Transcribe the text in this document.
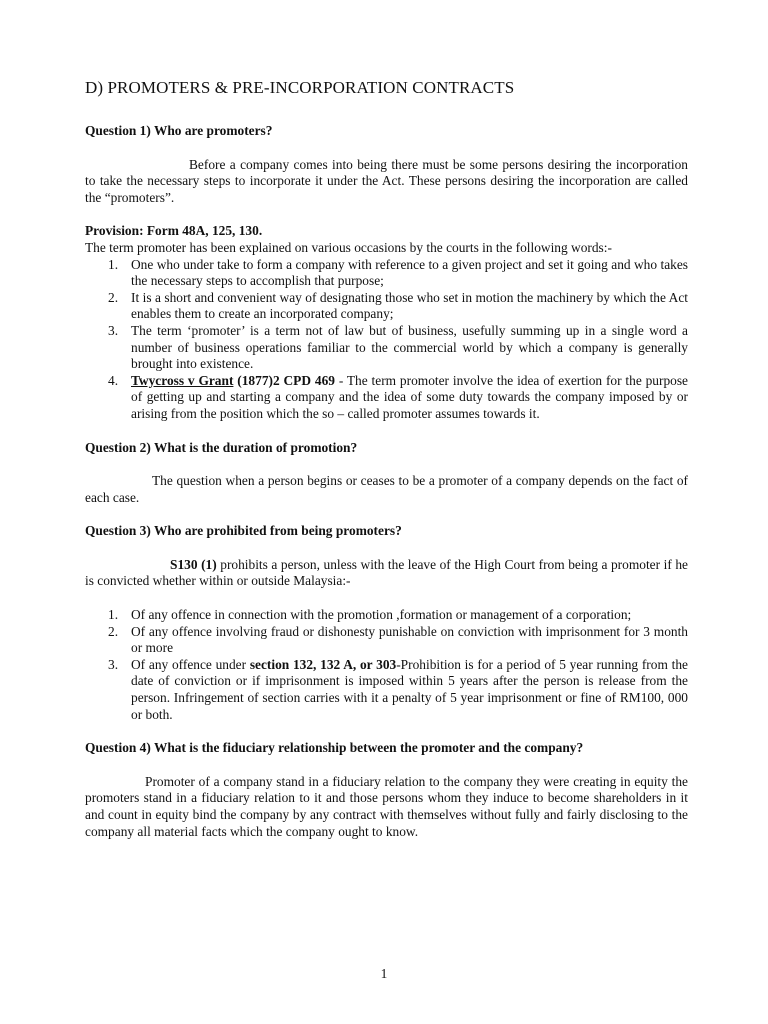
D) PROMOTERS & PRE-INCORPORATION CONTRACTS

Question 1) Who are promoters?

Before a company comes into being there must be some persons desiring the incorporation to take the necessary steps to incorporate it under the Act. These persons desiring the incorporation are called the “promoters”.

Provision: Form 48A, 125, 130.

The term promoter has been explained on various occasions by the courts in the following words:-

1. One who under take to form a company with reference to a given project and set it going and who takes the necessary steps to accomplish that purpose;
2. It is a short and convenient way of designating those who set in motion the machinery by which the Act enables them to create an incorporated company;
3. The term ‘promoter’ is a term not of law but of business, usefully summing up in a single word a number of business operations familiar to the commercial world by which a company is generally brought into existence.
4. Twycross v Grant (1877)2 CPD 469 - The term promoter involve the idea of exertion for the purpose of getting up and starting a company and the idea of some duty towards the company imposed by or arising from the position which the so – called promoter assumes towards it.

Question 2) What is the duration of promotion?

The question when a person begins or ceases to be a promoter of a company depends on the fact of each case.

Question 3) Who are prohibited from being promoters?

S130 (1) prohibits a person, unless with the leave of the High Court from being a promoter if he is convicted whether within or outside Malaysia:-

1. Of any offence in connection with the promotion ,formation or management of a corporation;
2. Of any offence involving fraud or dishonesty punishable on conviction with imprisonment for 3 month or more
3. Of any offence under section 132, 132 A, or 303-Prohibition is for a period of 5 year running from the date of conviction or if imprisonment is imposed within 5 years after the person is release from the person. Infringement of section carries with it a penalty of 5 year imprisonment or fine of RM100, 000 or both.

Question 4) What is the fiduciary relationship between the promoter and the company?

Promoter of a company stand in a fiduciary relation to the company they were creating in equity the promoters stand in a fiduciary relation to it and those persons whom they induce to become shareholders in it and count in equity bind the company by any contract with themselves without fully and fairly disclosing to the company all material facts which the company ought to know.

1
